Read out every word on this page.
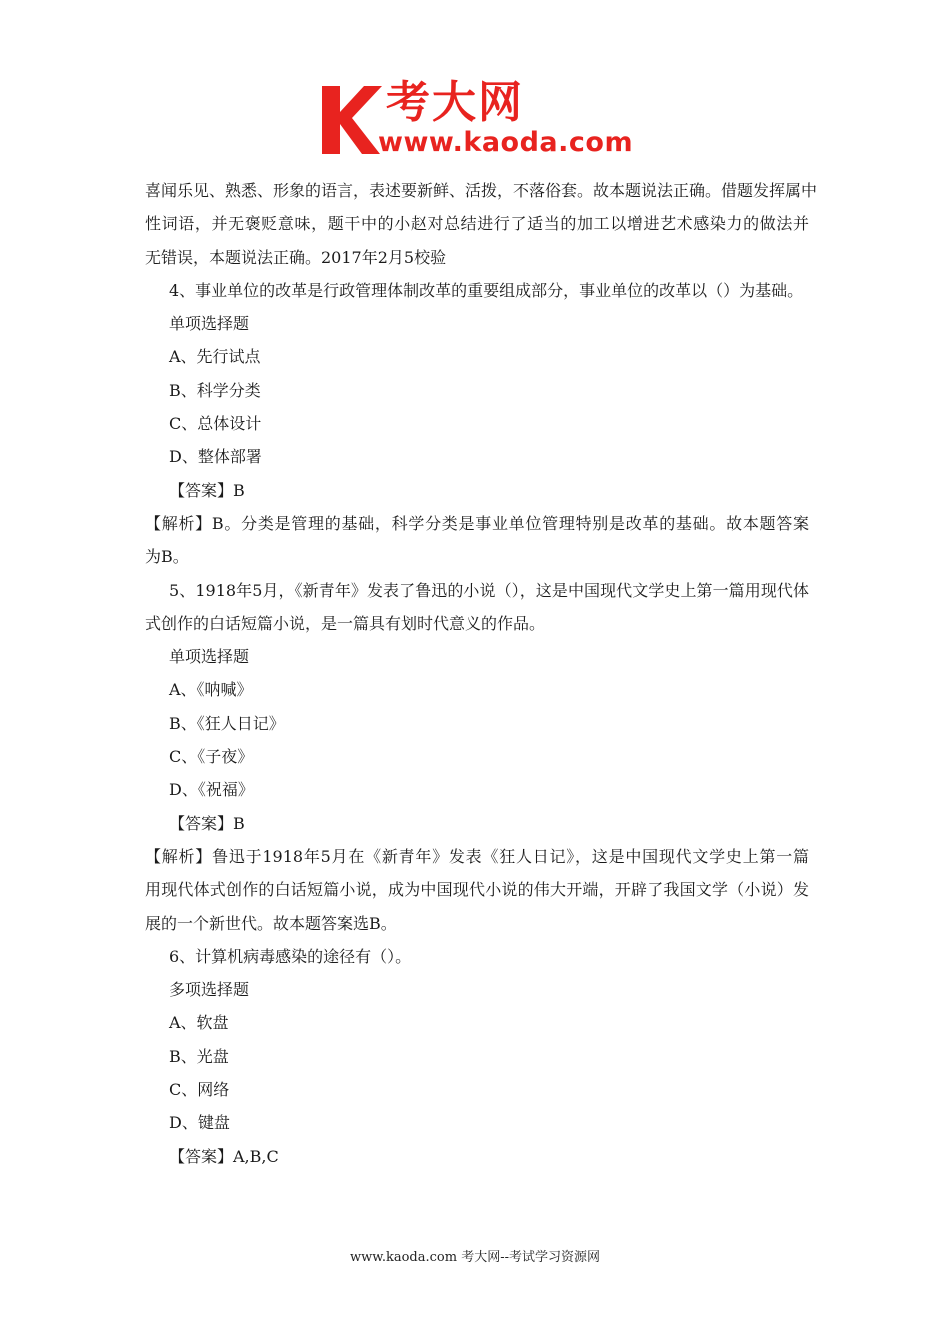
考大网
www.kaoda.com
喜闻乐见、熟悉、形象的语言，表述要新鲜、活拨，不落俗套。故本题说法正确。借题发挥属中
性词语，并无褒贬意味，题干中的小赵对总结进行了适当的加工以增进艺术感染力的做法并
无错误，本题说法正确。2017年2月5校验
4、事业单位的改革是行政管理体制改革的重要组成部分，事业单位的改革以（）为基础。
单项选择题
A、先行试点
B、科学分类
C、总体设计
D、整体部署
【答案】B
【解析】B。分类是管理的基础，科学分类是事业单位管理特别是改革的基础。故本题答案
为B。
5、1918年5月，《新青年》发表了鲁迅的小说（），这是中国现代文学史上第一篇用现代体
式创作的白话短篇小说，是一篇具有划时代意义的作品。
单项选择题
A、《呐喊》
B、《狂人日记》
C、《子夜》
D、《祝福》
【答案】B
【解析】鲁迅于1918年5月在《新青年》发表《狂人日记》，这是中国现代文学史上第一篇
用现代体式创作的白话短篇小说，成为中国现代小说的伟大开端，开辟了我国文学（小说）发
展的一个新世代。故本题答案选B。
6、计算机病毒感染的途径有（）。
多项选择题
A、软盘
B、光盘
C、网络
D、键盘
【答案】A,B,C
www.kaoda.com 考大网--考试学习资源网
